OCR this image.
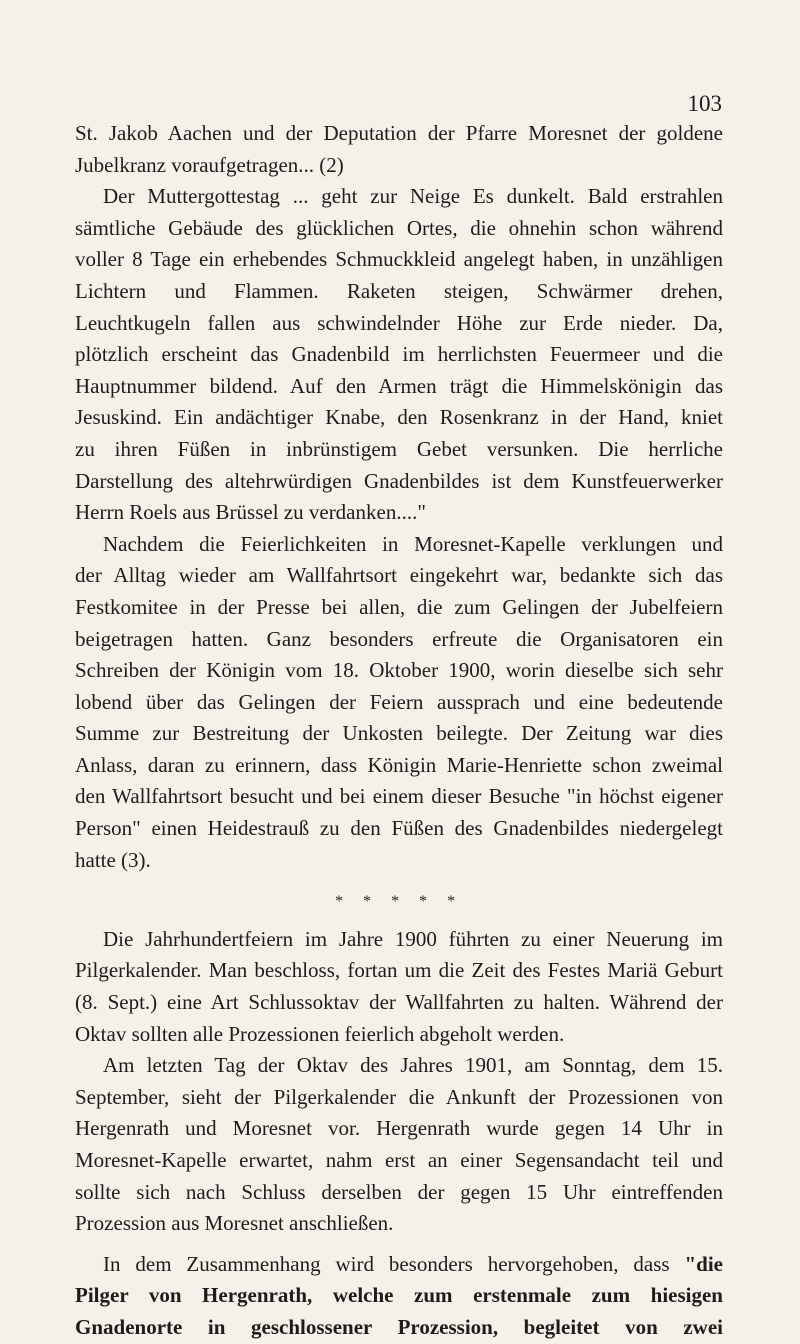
103

St. Jakob Aachen und der Deputation der Pfarre Moresnet der goldene

Jubelkranz voraufgetragen... (2)

Der Muttergottestag ... geht zur Neige Es dunkelt. Bald erstrahlen

sämtliche Gebäude des glücklichen Ortes, die ohnehin schon während

voller 8 Tage ein erhebendes Schmuckkleid angelegt haben, in unzähligen

Lichtern und Flammen. Raketen steigen, Schwärmer drehen,

Leuchtkugeln fallen aus schwindelnder Höhe zur Erde nieder. Da,

plötzlich erscheint das Gnadenbild im herrlichsten Feuermeer und die

Hauptnummer bildend. Auf den Armen trägt die Himmelskönigin das

Jesuskind. Ein andächtiger Knabe, den Rosenkranz in der Hand, kniet

zu ihren Füßen in inbrünstigem Gebet versunken. Die herrliche

Darstellung des altehrwürdigen Gnadenbildes ist dem Kunstfeuerwerker

Herrn Roels aus Brüssel zu verdanken...."

Nachdem die Feierlichkeiten in Moresnet-Kapelle verklungen und

der Alltag wieder am Wallfahrtsort eingekehrt war, bedankte sich das

Festkomitee in der Presse bei allen, die zum Gelingen der Jubelfeiern

beigetragen hatten. Ganz besonders erfreute die Organisatoren ein

Schreiben der Königin vom 18. Oktober 1900, worin dieselbe sich sehr

lobend über das Gelingen der Feiern aussprach und eine bedeutende

Summe zur Bestreitung der Unkosten beilegte. Der Zeitung war dies

Anlass, daran zu erinnern, dass Königin Marie-Henriette schon zweimal

den Wallfahrtsort besucht und bei einem dieser Besuche "in höchst eigener

Person" einen Heidestrauß zu den Füßen des Gnadenbildes niedergelegt

hatte (3).

* * * * *

Die Jahrhundertfeiern im Jahre 1900 führten zu einer Neuerung im

Pilgerkalender. Man beschloss, fortan um die Zeit des Festes Mariä Geburt

(8. Sept.) eine Art Schlussoktav der Wallfahrten zu halten. Während der

Oktav sollten alle Prozessionen feierlich abgeholt werden.

Am letzten Tag der Oktav des Jahres 1901, am Sonntag, dem 15.

September, sieht der Pilgerkalender die Ankunft der Prozessionen von

Hergenrath und Moresnet vor. Hergenrath wurde gegen 14 Uhr in

Moresnet-Kapelle erwartet, nahm erst an einer Segensandacht teil und

sollte sich nach Schluss derselben der gegen 15 Uhr eintreffenden

Prozession aus Moresnet anschließen.

In dem Zusammenhang wird besonders hervorgehoben, dass "die

Pilger von Hergenrath, welche zum erstenmale zum hiesigen

Gnadenorte in geschlossener Prozession, begleitet von zwei
